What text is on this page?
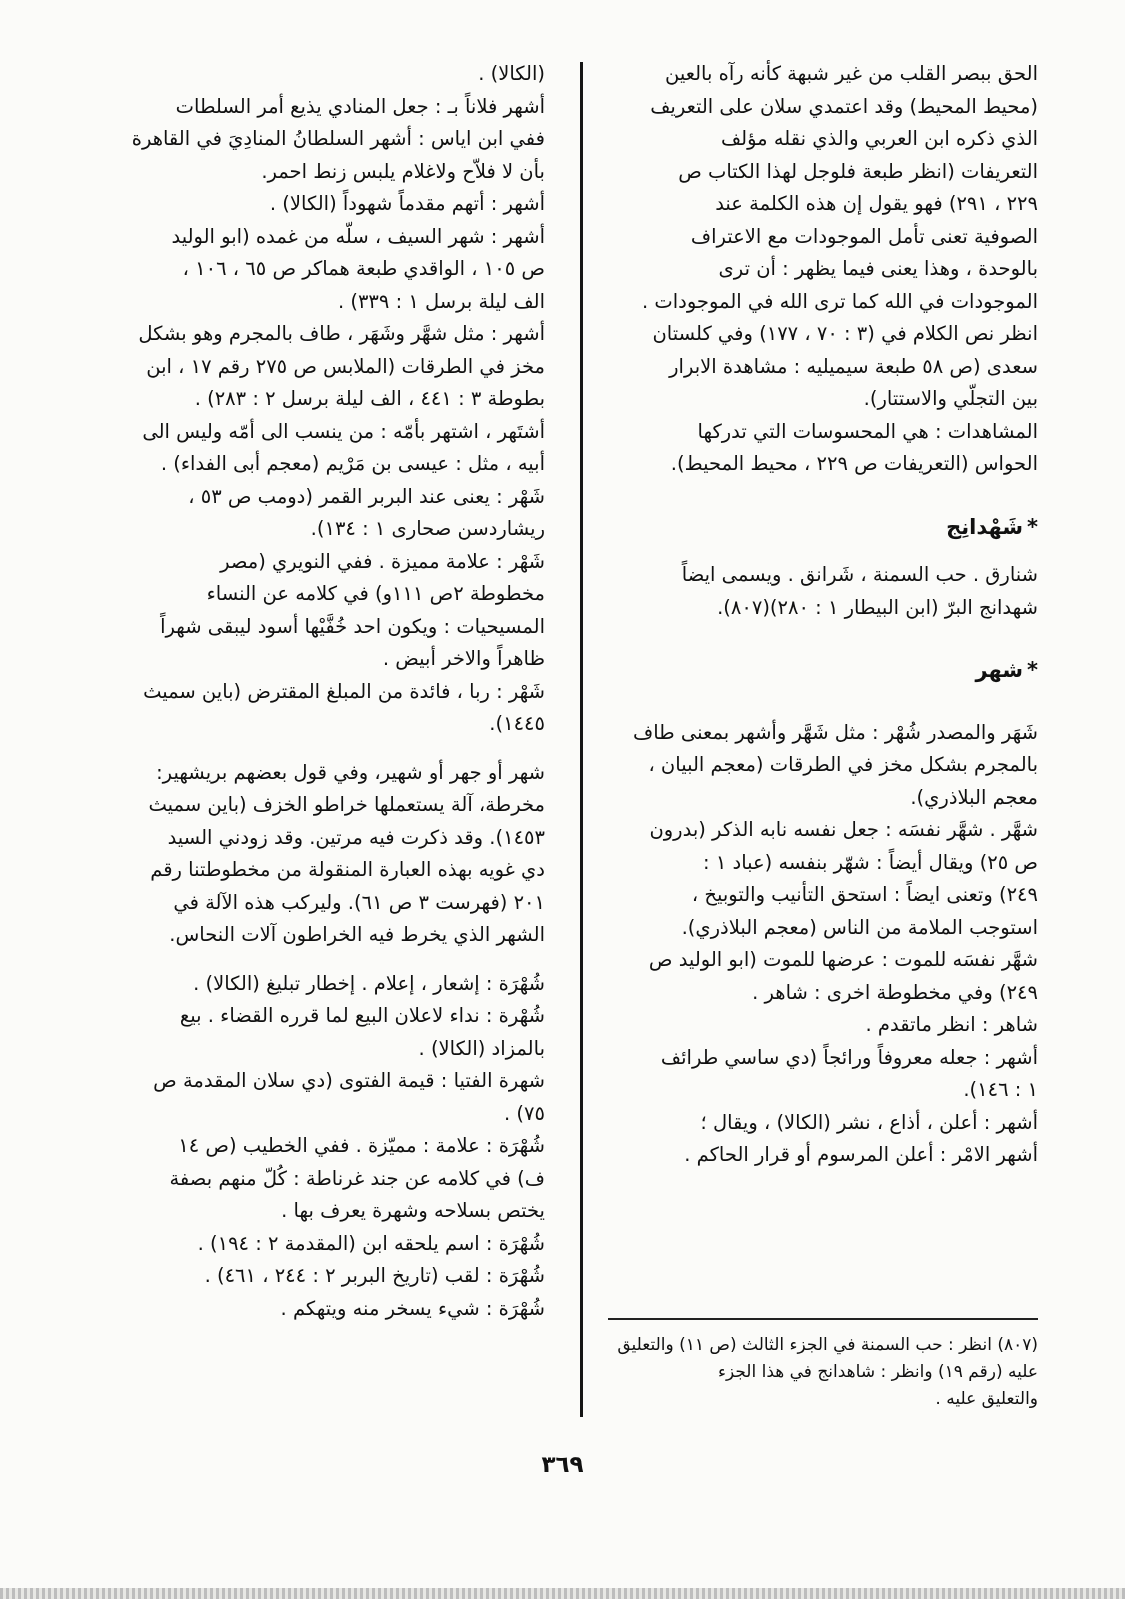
الحق ببصر القلب من غير شبهة كأنه رآه بالعين

(محيط المحيط) وقد اعتمدي سلان على التعريف

الذي ذكره ابن العربي والذي نقله مؤلف

التعريفات (انظر طبعة فلوجل لهذا الكتاب ص

٢٢٩ ، ٢٩١) فهو يقول إن هذه الكلمة عند

الصوفية تعنى تأمل الموجودات مع الاعتراف

بالوحدة ، وهذا يعنى فيما يظهر : أن ترى

الموجودات في الله كما ترى الله في الموجودات .

انظر نص الكلام في (٣ : ٧٠ ، ١٧٧) وفي كلستان

سعدى (ص ٥٨ طبعة سيميليه : مشاهدة الابرار

بين التجلّي والاستتار).

المشاهدات : هي المحسوسات التي تدركها

الحواس (التعريفات ص ٢٢٩ ، محيط المحيط).

*شَهْدانِج

شنارق . حب السمنة ، شَرانق . ويسمى ايضاً

شهدانج البرّ (ابن البيطار ١ : ٢٨٠)(٨٠٧).

*شهر

شَهَر والمصدر شُهْر : مثل شَهَّر وأشهر بمعنى طاف

بالمجرم بشكل مخز في الطرقات (معجم البيان ،

معجم البلاذري).

شهَّر . شهَّر نفسَه : جعل نفسه نابه الذكر (بدرون

ص ٢٥) ويقال أيضاً : شهّر بنفسه (عباد ١ :

٢٤٩) وتعنى ايضاً : استحق التأنيب والتوبيخ ،

استوجب الملامة من الناس (معجم البلاذري).

شهَّر نفسَه للموت : عرضها للموت (ابو الوليد ص

٢٤٩) وفي مخطوطة اخرى : شاهر .

شاهر : انظر ماتقدم .

أشهر : جعله معروفاً ورائجاً (دي ساسي طرائف

١ : ١٤٦).

أشهر : أعلن ، أذاع ، نشر (الكالا) ، ويقال ؛

أشهر الامْر : أعلن المرسوم أو قرار الحاكم .

(٨٠٧) انظر : حب السمنة في الجزء الثالث (ص ١١) والتعليق

عليه (رقم ١٩) وانظر : شاهدانج في هذا الجزء

والتعليق عليه .

(الكالا) .

أشهر فلاناً بـ : جعل المنادي يذيع أمر السلطات

ففي ابن اياس : أشهر السلطانُ المنادِيَ في القاهرة

بأن لا فلاّح ولاغلام يلبس زنط احمر.

أشهر : أتهم مقدماً شهوداً (الكالا) .

أشهر : شهر السيف ، سلّه من غمده (ابو الوليد

ص ١٠٥ ، الواقدي طبعة هماكر ص ٦٥ ، ١٠٦ ،

الف ليلة برسل ١ : ٣٣٩) .

أشهر : مثل شهَّر وشَهَر ، طاف بالمجرم وهو بشكل

مخز في الطرقات (الملابس ص ٢٧٥ رقم ١٧ ، ابن

بطوطة ٣ : ٤٤١ ، الف ليلة برسل ٢ : ٢٨٣) .

أشتَهر ، اشتهر بأمّه : من ينسب الى أمّه وليس الى

أبيه ، مثل : عيسى بن مَرْيم (معجم أبى الفداء) .

شَهْر : يعنى عند البربر القمر (دومب ص ٥٣ ،

ريشاردسن صحارى ١ : ١٣٤).

شَهْر : علامة مميزة . ففي النويري (مصر

مخطوطة ٢ص ١١١و) في كلامه عن النساء

المسيحيات : ويكون احد خُفَّيْها أسود ليبقى شهراً

ظاهراً والاخر أبيض .

شَهْر : ربا ، فائدة من المبلغ المقترض (باين سميث

١٤٤٥).

شهر أو جهر أو شهير، وفي قول بعضهم بريشهير:

مخرطة، آلة يستعملها خراطو الخزف (باين سميث

١٤٥٣). وقد ذكرت فيه مرتين. وقد زودني السيد

دي غويه بهذه العبارة المنقولة من مخطوطتنا رقم

٢٠١ (فهرست ٣ ص ٦١). وليركب هذه الآلة في

الشهر الذي يخرط فيه الخراطون آلات النحاس.

شُهْرَة : إشعار ، إعلام . إخطار تبليغ (الكالا) .

شُهْرة : نداء لاعلان البيع لما قرره القضاء . بيع

بالمزاد (الكالا) .

شهرة الفتيا : قيمة الفتوى (دي سلان المقدمة ص

٧٥) .

شُهْرَة : علامة : مميّزة . ففي الخطيب (ص ١٤

ف) في كلامه عن جند غرناطة : كُلّ منهم بصفة

يختص بسلاحه وشهرة يعرف بها .

شُهْرَة : اسم يلحقه ابن (المقدمة ٢ : ١٩٤) .

شُهْرَة : لقب (تاريخ البربر ٢ : ٢٤٤ ، ٤٦١) .

شُهْرَة : شيء يسخر منه ويتهكم .

٣٦٩
